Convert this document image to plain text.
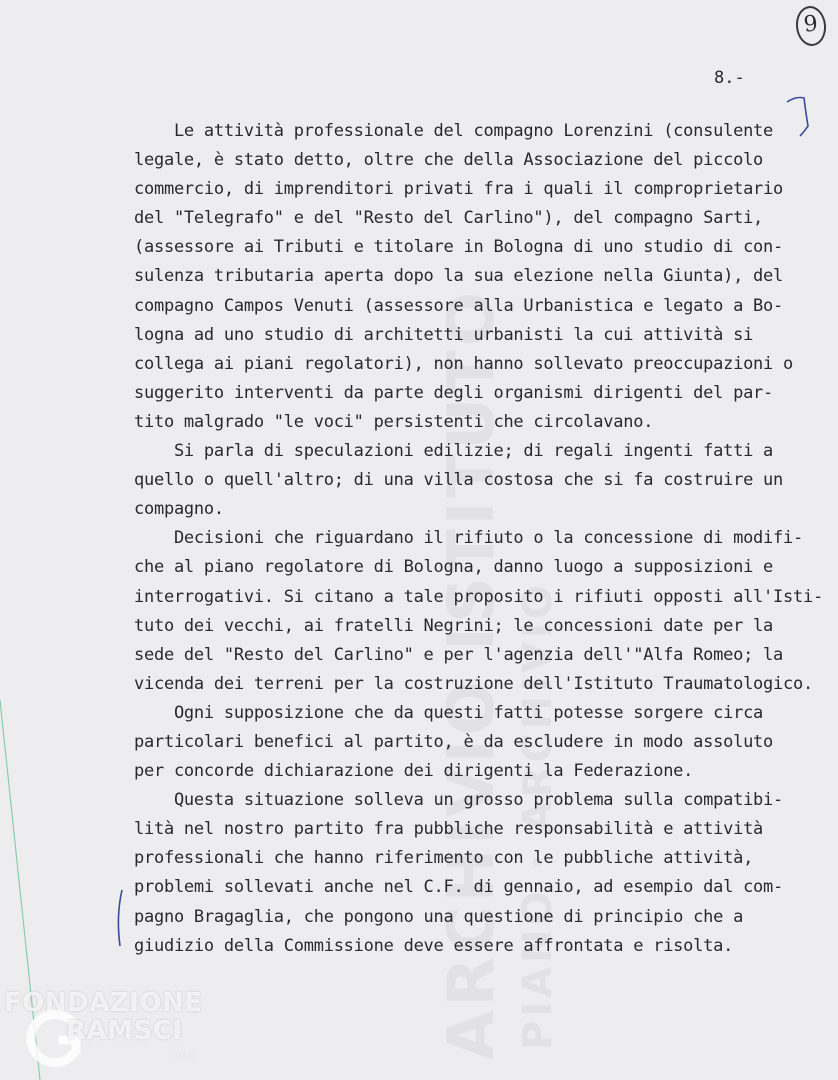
ARCHIVIO ISTITUTO PIANO · ARCHIVIO
9
8.-
Le attività professionale del compagno Lorenzini (consulente
legale, è stato detto, oltre che della Associazione del piccolo
commercio, di imprenditori privati fra i quali il comproprietario
del "Telegrafo" e del "Resto del Carlino"), del compagno Sarti,
(assessore ai Tributi e titolare in Bologna di uno studio di con-
sulenza tributaria aperta dopo la sua elezione nella Giunta), del
compagno Campos Venuti (assessore alla Urbanistica e legato a Bo-
logna ad uno studio di architetti urbanisti la cui attività si
collega ai piani regolatori), non hanno sollevato preoccupazioni o
suggerito interventi da parte degli organismi dirigenti del par-
tito malgrado "le voci" persistenti che circolavano.
Si parla di speculazioni edilizie; di regali ingenti fatti a
quello o quell'altro; di una villa costosa che si fa costruire un
compagno.
Decisioni che riguardano il rifiuto o la concessione di modifi-
che al piano regolatore di Bologna, danno luogo a supposizioni e
interrogativi. Si citano a tale proposito i rifiuti opposti all'Isti-
tuto dei vecchi, ai fratelli Negrini; le concessioni date per la
sede del "Resto del Carlino" e per l'agenzia dell'"Alfa Romeo; la
vicenda dei terreni per la costruzione dell'Istituto Traumatologico.
Ogni supposizione che da questi fatti potesse sorgere circa
particolari benefici al partito, è da escludere in modo assoluto
per concorde dichiarazione dei dirigenti la Federazione.
Questa situazione solleva un grosso problema sulla compatibi-
lità nel nostro partito fra pubbliche responsabilità e attività
professionali che hanno riferimento con le pubbliche attività,
problemi sollevati anche nel C.F. di gennaio, ad esempio dal com-
pagno Bragaglia, che pongono una questione di principio che a
giudizio della Commissione deve essere affrontata e risolta.
FONDAZIONE
RAMSCI
onlus
